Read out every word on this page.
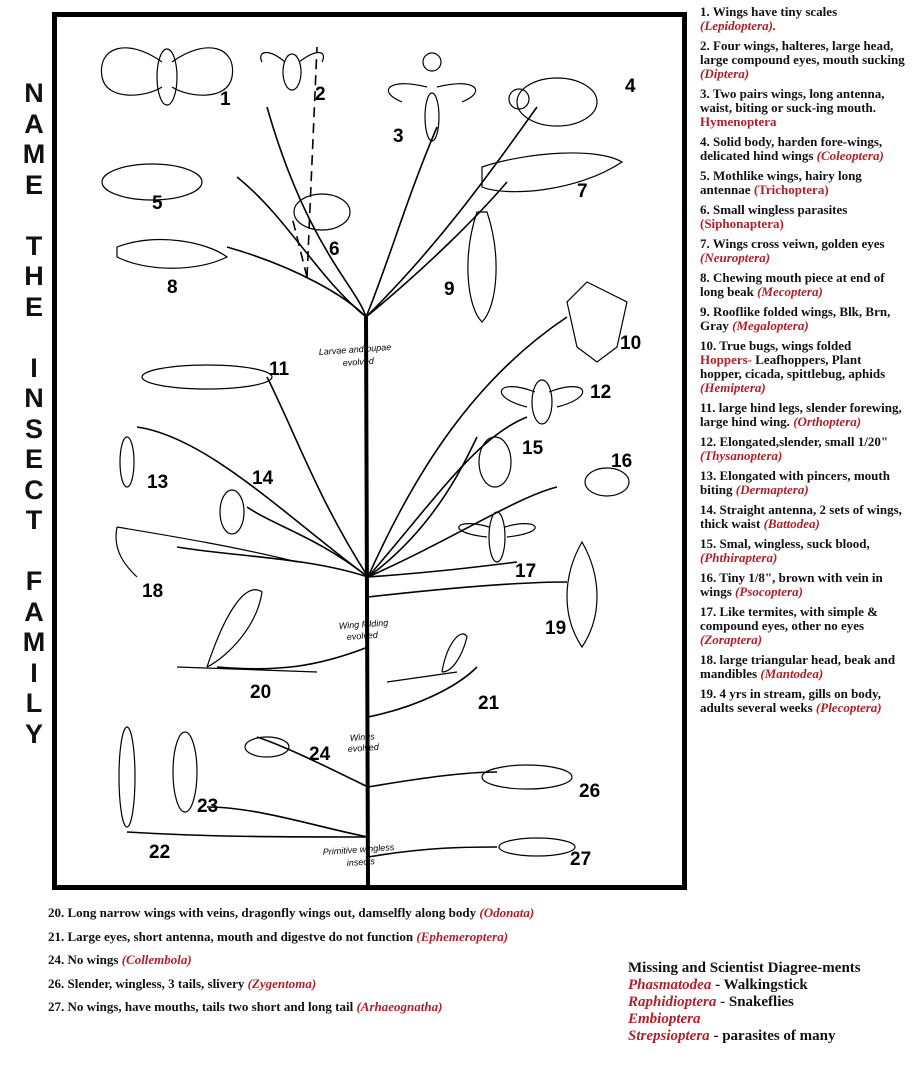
N
A
M
E
T
H
E
I
N
S
E
C
T
F
A
M
I
L
Y
1	2
3
4
5
6
7
8	9
10
11
12
13	14
15
16
17
18
19
20
21
22
23
24
26
27
Larvae and pupae
evolved
Wing folding
evolved
Wings
evolved
Primitive wingless
insects
1. Wings have tiny scales (Lepidoptera).
2. Four wings, halteres, large head, large compound eyes, mouth sucking (Diptera)
3. Two pairs wings, long antenna, waist, biting or suck-ing mouth. Hymenoptera
4. Solid body, harden fore-wings, delicated hind wings (Coleoptera)
5. Mothlike wings, hairy long antennae (Trichoptera)
6. Small wingless parasites (Siphonaptera)
7. Wings cross veiwn, golden eyes (Neuroptera)
8. Chewing mouth piece at end of long beak (Mecoptera)
9. Rooflike folded wings, Blk, Brn, Gray (Megaloptera)
10. True bugs, wings folded Hoppers- Leafhoppers, Plant hopper, cicada, spittlebug, aphids (Hemiptera)
11. large hind legs, slender forewing, large hind wing. (Orthoptera)
12. Elongated,slender, small 1/20" (Thysanoptera)
13. Elongated with pincers, mouth biting (Dermaptera)
14. Straight antenna, 2 sets of wings, thick waist (Battodea)
15. Smal, wingless, suck blood, (Phthiraptera)
16. Tiny 1/8", brown with vein in wings (Psocoptera)
17. Like termites, with simple & compound eyes, other no eyes (Zoraptera)
18. large triangular head, beak and mandibles (Mantodea)
19. 4 yrs in stream, gills on body, adults several weeks (Plecoptera)
20. Long narrow wings with veins, dragonfly wings out, damselfly along body (Odonata)
21. Large eyes, short antenna, mouth and digestve do not function (Ephemeroptera)
24. No wings (Collembola)
26. Slender, wingless, 3 tails, slivery (Zygentoma)
27. No wings, have mouths, tails two short and long tail (Arhaeognatha)
Missing and Scientist Diagree-ments
Phasmatodea - Walkingstick
Raphidioptera - Snakeflies
Embioptera
Strepsioptera - parasites of many
